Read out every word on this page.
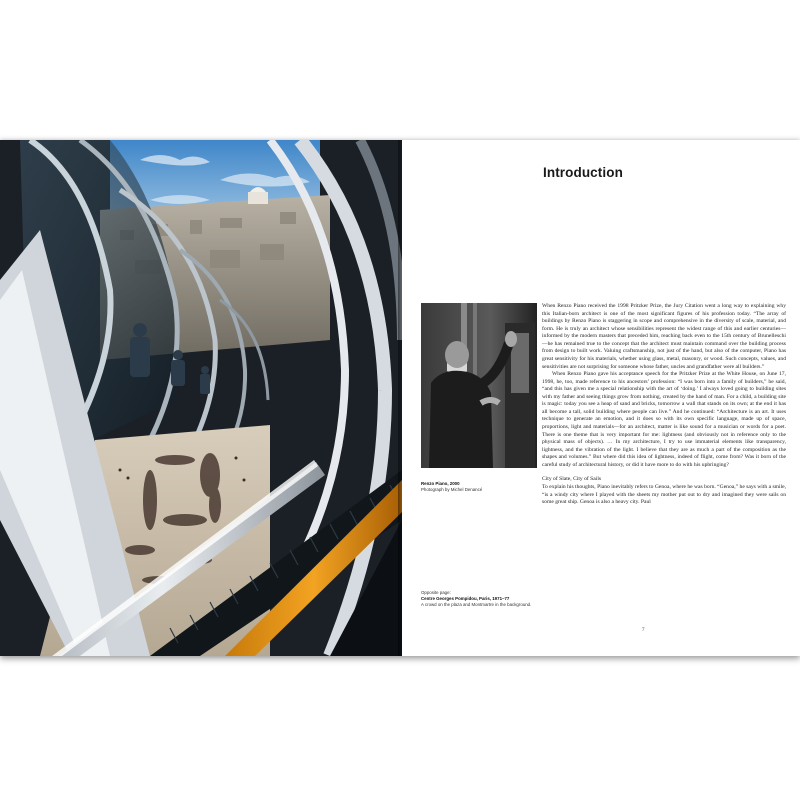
Introduction
Renzo Piano, 2000
Photograph by Michel Denancé
Opposite page:
Centre Georges Pompidou, Paris, 1971–77
A crowd on the plaza and Montmartre in the background.

When Renzo Piano received the 1998 Pritzker Prize, the Jury Citation went a long way to explaining why this Italian-born architect is one of the most significant figures of his profession today. “The array of buildings by Renzo Piano is staggering in scope and comprehensive in the diversity of scale, material, and form. He is truly an architect whose sensibilities represent the widest range of this and earlier centuries—informed by the modern masters that preceded him, reaching back even to the 15th century of Brunelleschi—he has remained true to the concept that the architect must maintain command over the building process from design to built work. Valuing craftsmanship, not just of the hand, but also of the computer, Piano has great sensitivity for his materials, whether using glass, metal, masonry, or wood. Such concepts, values, and sensitivities are not surprising for someone whose father, uncles and grandfather were all builders.”

When Renzo Piano gave his acceptance speech for the Pritzker Prize at the White House, on June 17, 1998, he, too, made reference to his ancestors’ profession: “I was born into a family of builders,” he said, “and this has given me a special relationship with the art of ‘doing.’ I always loved going to building sites with my father and seeing things grow from nothing, created by the hand of man. For a child, a building site is magic: today you see a heap of sand and bricks, tomorrow a wall that stands on its own; at the end it has all become a tall, solid building where people can live.” And he continued: “Architecture is an art. It uses technique to generate an emotion, and it does so with its own specific language, made up of space, proportions, light and materials—for an architect, matter is like sound for a musician or words for a poet. There is one theme that is very important for me: lightness (and obviously not in reference only to the physical mass of objects). … In my architecture, I try to use immaterial elements like transparency, lightness, and the vibration of the light. I believe that they are as much a part of the composition as the shapes and volumes.” But where did this idea of lightness, indeed of flight, come from? Was it born of the careful study of architectural history, or did it have more to do with his upbringing?

City of Slate, City of Sails

To explain his thoughts, Piano inevitably refers to Genoa, where he was born. “Genoa,” he says with a smile, “is a windy city where I played with the sheets my mother put out to dry and imagined they were sails on some great ship. Genoa is also a heavy city. Paul

7
